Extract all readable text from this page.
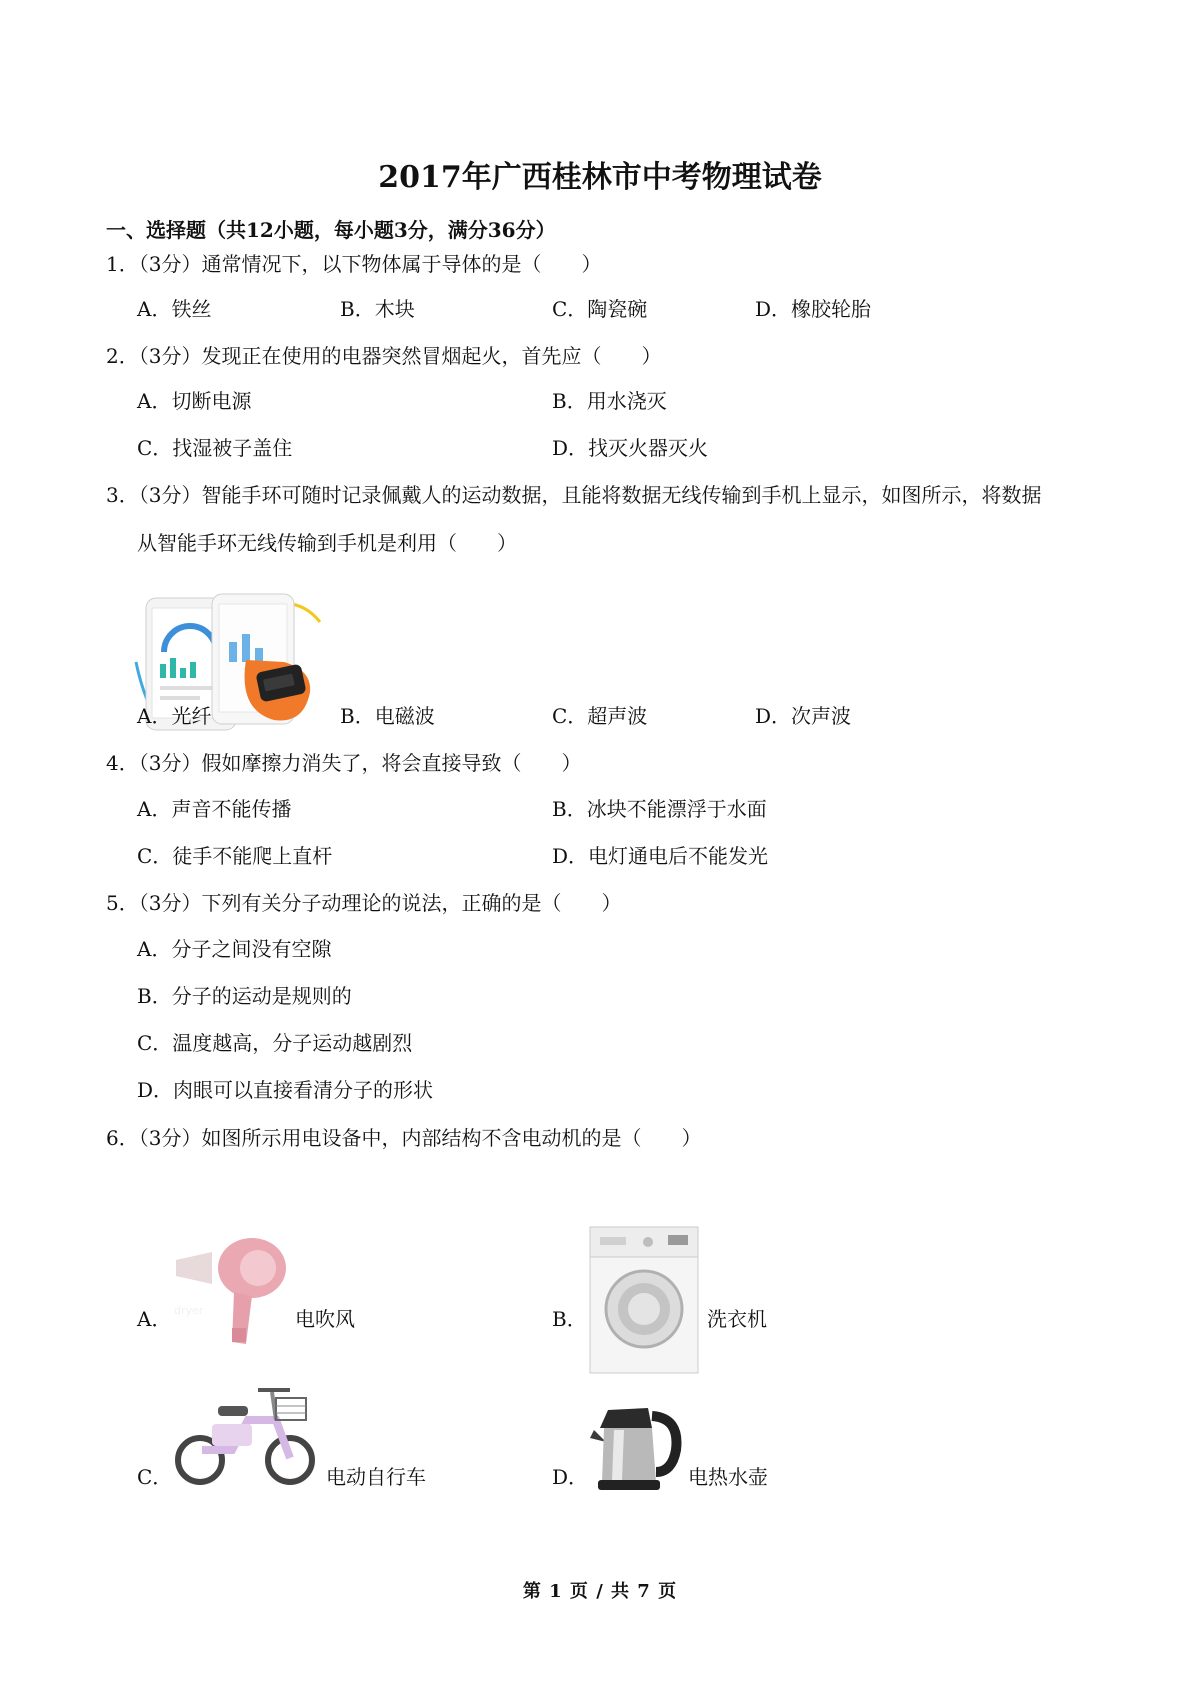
2017年广西桂林市中考物理试卷
一、选择题（共12小题，每小题3分，满分36分）
1．（3分）通常情况下，以下物体属于导体的是（　　）
A．铁丝	B．木块	C．陶瓷碗	D．橡胶轮胎
2．（3分）发现正在使用的电器突然冒烟起火，首先应（　　）
A．切断电源	B．用水浇灭
C．找湿被子盖住	D．找灭火器灭火
3．（3分）智能手环可随时记录佩戴人的运动数据，且能将数据无线传输到手机上显示，如图所示，将数据
从智能手环无线传输到手机是利用（　　）
A．光纤	B．电磁波	C．超声波	D．次声波
4．（3分）假如摩擦力消失了，将会直接导致（　　）
A．声音不能传播	B．冰块不能漂浮于水面
C．徒手不能爬上直杆	D．电灯通电后不能发光
5．（3分）下列有关分子动理论的说法，正确的是（　　）
A．分子之间没有空隙
B．分子的运动是规则的
C．温度越高，分子运动越剧烈
D．肉眼可以直接看清分子的形状
6．（3分）如图所示用电设备中，内部结构不含电动机的是（　　）
A． dryer	电吹风	B．	洗衣机
C．	电动自行车	D．	电热水壶
第 1 页 / 共 7 页
